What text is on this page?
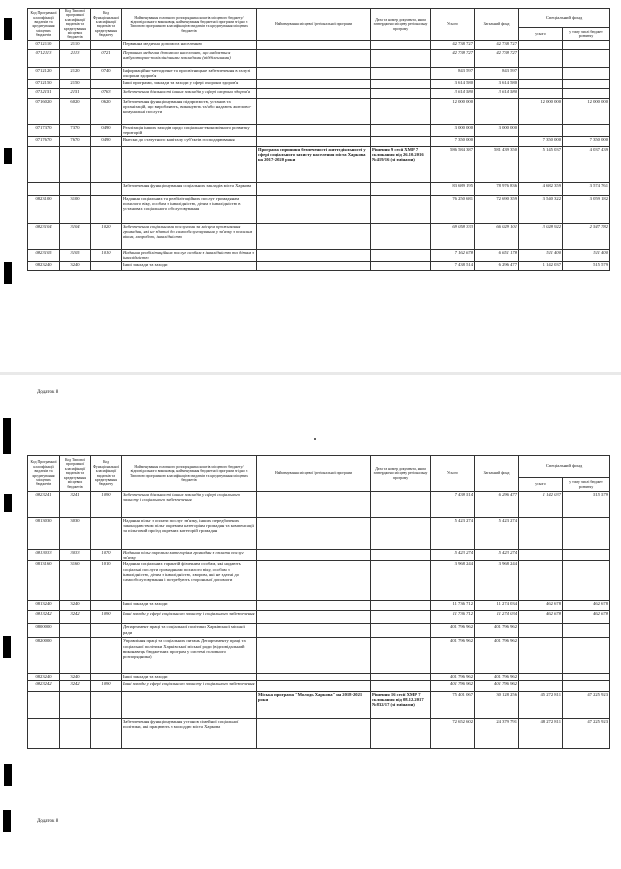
Код Програмної класифікації видатків та кредитування місцевих бюджетів	Код Типової програмної класифікації видатків та кредитування місцевих бюджетів	Код Функціональної класифікації видатків та кредитування бюджету	Найменування головного розпорядника коштів місцевого бюджету/відповідального виконавця, найменування бюджетної програми згідно з Типовою програмною класифікацією видатків та кредитування місцевих бюджетів	Найменування місцевої /регіональної програми	Дата та номер документа, яким затверджено місцеву регіональну програму	Усього	Загальний фонд	Спеціальний фонд	
								усього	у тому числі бюджет розвитку
0712110	2110		Первинна медична допомога населенню			42 738 727	42 738 727		
0712113	2113	0721	Первинна медична допомога населенню, що надається амбулаторно-поліклінічними закладами (відділеннями)			42 738 727	42 738 727		
0712120	2120	0740	Інформаційно-методичне та просвітницьке забезпечення в галузі охорони здоров'я			843 597	843 597		
0712150	2150		Інші програми, заклади та заходи у сфері охорони здоров'я			3 614 580	3 614 580		
0712151	2151	0763	Забезпечення діяльності інших закладів у сфері охорони здоров'я			3 614 580	3 614 580		
0716020	6020	0620	Забезпечення функціонування підприємств, установ та організацій, що виробляють, виконують та/або надають житлово-комунальні послуги			12 000 000		12 000 000	12 000 000
0717370	7370	0490	Реалізація інших заходів щодо соціально-економічного розвитку територій			3 000 000	3 000 000		
0717670	7670	0490	Внески до статутного капіталу суб'єктів господарювання			7 350 000		7 350 000	7 350 000
				Програма сприяння безпеченості життєдіяльності у сфері соціального захисту населення міста Харкова на 2017-2020 роки	Рішення 9 сесії ХМР 7 скликання від 26.10.2016 №419/16 (зі змінами)	586 584 387	581 439 350	5 145 037	4 037 439
			Забезпечення функціонування соціальних закладів міста Харкова			83 689 195	78 976 836	4 682 359	3 574 761
0823100	3100		Надання соціальних та реабілітаційних послуг громадянам похилого віку, особам з інвалідністю, дітям з інвалідністю в установах соціального обслуговування			76 250 681	72 690 359	3 540 322	3 059 182
0823104	3104	1020	Забезпечення соціальними послугами за місцем проживання громадян, які не здатні до самообслуговування у зв'язку з похилим віком, хворобою, інвалідністю			69 058 333	66 029 101	3 028 922	2 547 782
0823105	3105	1010	Надання реабілітаційних послуг особам з інвалідністю та дітям з інвалідністю			7 162 678	6 651 178	511 400	511 400
0823240	3240		Інші заклади та заходи			7 438 514	6 296 477	1 142 037	515 579
Додаток 8
Код Програмної класифікації видатків та кредитування місцевих бюджетів	Код Типової програмної класифікації видатків та кредитування місцевих бюджетів	Код Функціональної класифікації видатків та кредитування бюджету	Найменування головного розпорядника коштів місцевого бюджету/відповідального виконавця, найменування бюджетної програми згідно з Типовою програмною класифікацією видатків та кредитування місцевих бюджетів	Найменування місцевої /регіональної програми	Дата та номер документа, яким затверджено місцеву регіональну програму	Усього	Загальний фонд	Спеціальний фонд	
								усього	у тому числі бюджет розвитку
0823241	3241	1090	Забезпечення діяльності інших закладів у сфері соціального захисту і соціального забезпечення			7 438 514	6 296 477	1 142 037	515 579
0813030	3030		Надання пільг з оплати послуг зв'язку, інших передбачених законодавством пільг окремим категоріям громадян та компенсації за пільговий проїзд окремих категорій громадян			5 423 274	5 423 274		
0813033	3033	1070	Надання пільг окремим категоріям громадян з оплати послуг зв'язку			5 423 274	5 423 274		
0813160	3160	1010	Надання соціальних гарантій фізичним особам, які надають соціальні послуги громадянам похилого віку, особам з інвалідністю, дітям з інвалідністю, хворим, які не здатні до самообслуговування і потребують сторонньої допомоги			3 968 244	3 968 244		
0813240	3240		Інші заклади та заходи			11 736 712	11 274 034	462 678	462 678
0813242	3242	1090	Інші заходи у сфері соціального захисту і соціального забезпечення			11 736 712	11 274 034	462 678	462 678
0800000			Департамент праці та соціальної політики Харківської міської ради			401 796 962	401 796 962		
0820000			Управління праці та соціальних питань Департаменту праці та соціальної політики Харківської міської ради (відповідальний виконавець бюджетних програм у системі головного розпорядника)			401 796 962	401 796 962		
0823240	3240		Інші заклади та заходи			401 796 962	401 796 962		
0823242	3242	1090	Інші заходи у сфері соціального захисту і соціального забезпечення			401 796 962	401 796 962		
				Міська програма "Молодь Харкова" на 2018-2021 роки	Рішення 16 сесії ХМР 7 скликання від 08.12.2017 №832/17 (зі змінами)	75 401 067	30 128 256	45 272 811	47 225 923
			Забезпечення функціонування установ сімейної соціальної політики, які працюють з молоддю міста Харкова			72 652 602	24 379 791	48 272 811	47 225 923
Додаток 8
